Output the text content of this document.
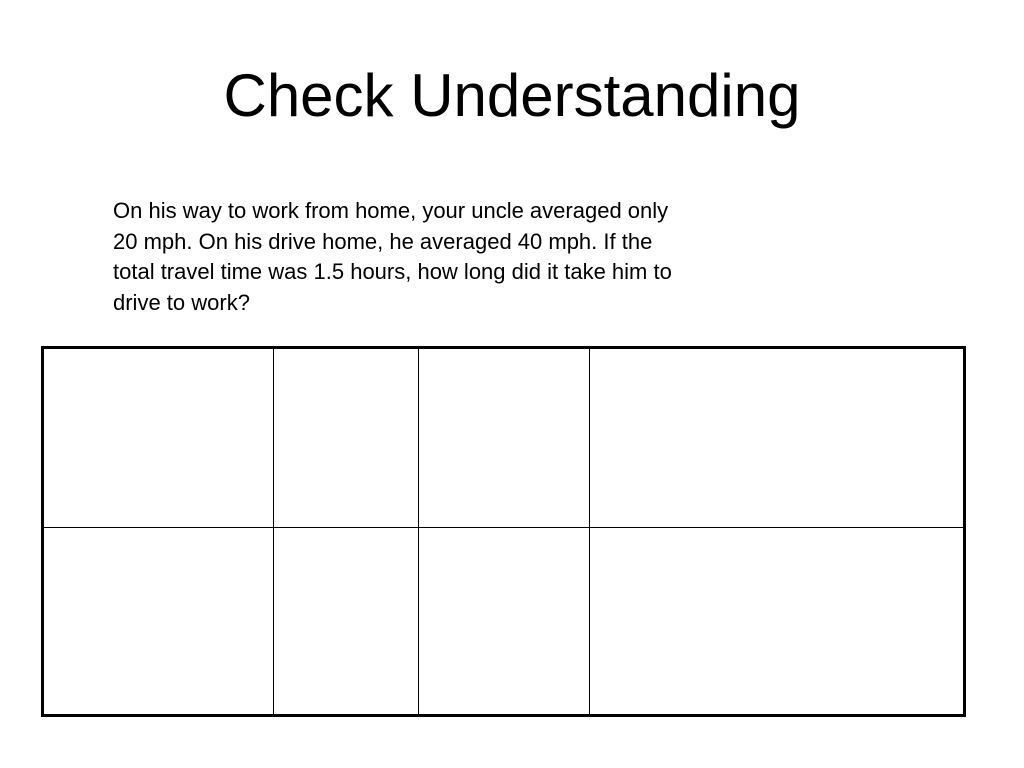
Check Understanding

On his way to work from home, your uncle averaged only
20 mph. On his drive home, he averaged 40 mph. If the
total travel time was 1.5 hours, how long did it take him to
drive to work?
